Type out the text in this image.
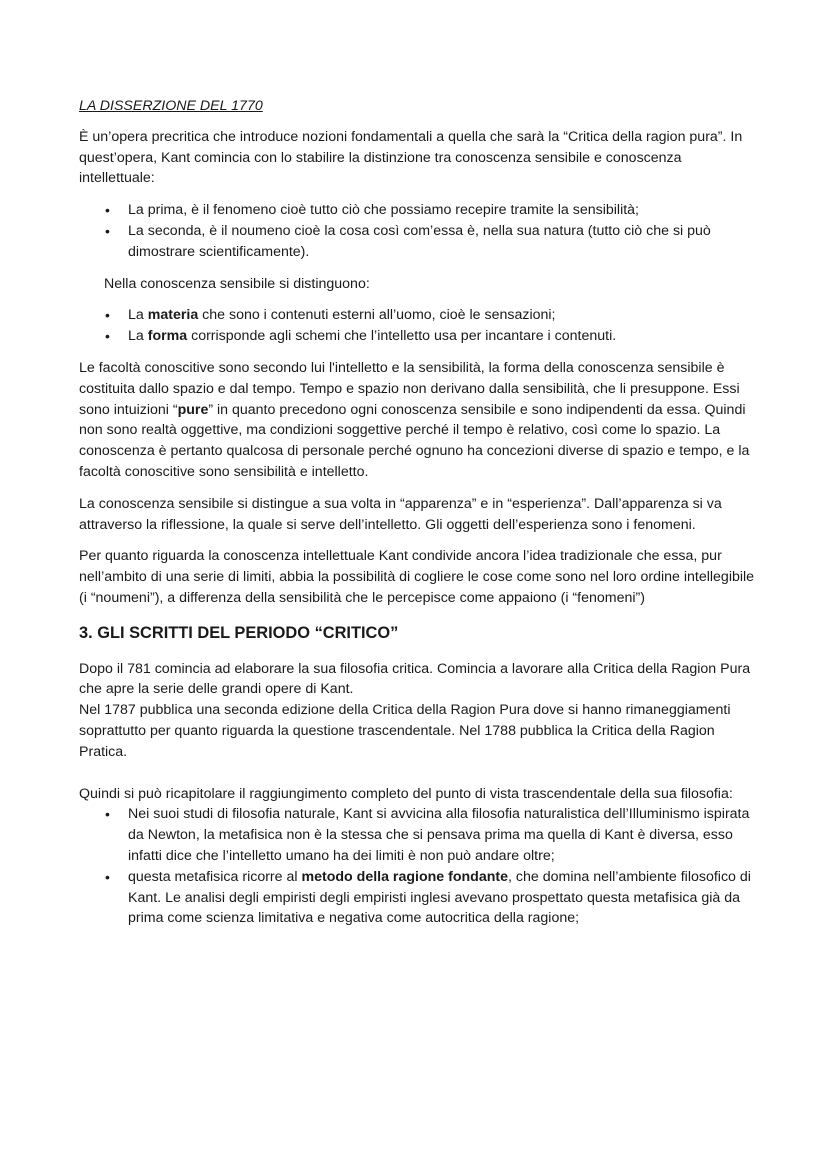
LA DISSERZIONE DEL 1770

È un’opera precritica che introduce nozioni fondamentali a quella che sarà la “Critica della ragion pura”. In quest’opera, Kant comincia con lo stabilire la distinzione tra conoscenza sensibile e conoscenza intellettuale:

• La prima, è il fenomeno cioè tutto ciò che possiamo recepire tramite la sensibilità;
• La seconda, è il noumeno cioè la cosa così com’essa è, nella sua natura (tutto ciò che si può dimostrare scientificamente).

Nella conoscenza sensibile si distinguono:

• La materia che sono i contenuti esterni all’uomo, cioè le sensazioni;
• La forma corrisponde agli schemi che l’intelletto usa per incantare i contenuti.

Le facoltà conoscitive sono secondo lui l'intelletto e la sensibilità, la forma della conoscenza sensibile è costituita dallo spazio e dal tempo. Tempo e spazio non derivano dalla sensibilità, che li presuppone. Essi sono intuizioni “pure” in quanto precedono ogni conoscenza sensibile e sono indipendenti da essa. Quindi non sono realtà oggettive, ma condizioni soggettive perché il tempo è relativo, così come lo spazio. La conoscenza è pertanto qualcosa di personale perché ognuno ha concezioni diverse di spazio e tempo, e la facoltà conoscitive sono sensibilità e intelletto.

La conoscenza sensibile si distingue a sua volta in “apparenza” e in “esperienza”. Dall’apparenza si va attraverso la riflessione, la quale si serve dell’intelletto. Gli oggetti dell’esperienza sono i fenomeni.

Per quanto riguarda la conoscenza intellettuale Kant condivide ancora l’idea tradizionale che essa, pur nell’ambito di una serie di limiti, abbia la possibilità di cogliere le cose come sono nel loro ordine intellegibile (i “noumeni”), a differenza della sensibilità che le percepisce come appaiono (i “fenomeni”)

3. GLI SCRITTI DEL PERIODO “CRITICO”

Dopo il 781 comincia ad elaborare la sua filosofia critica. Comincia a lavorare alla Critica della Ragion Pura che apre la serie delle grandi opere di Kant.

Nel 1787 pubblica una seconda edizione della Critica della Ragion Pura dove si hanno rimaneggiamenti soprattutto per quanto riguarda la questione trascendentale. Nel 1788 pubblica la Critica della Ragion Pratica.

Quindi si può ricapitolare il raggiungimento completo del punto di vista trascendentale della sua filosofia:

• Nei suoi studi di filosofia naturale, Kant si avvicina alla filosofia naturalistica dell’Illuminismo ispirata da Newton, la metafisica non è la stessa che si pensava prima ma quella di Kant è diversa, esso infatti dice che l’intelletto umano ha dei limiti è non può andare oltre;
• questa metafisica ricorre al metodo della ragione fondante, che domina nell’ambiente filosofico di Kant. Le analisi degli empiristi degli empiristi inglesi avevano prospettato questa metafisica già da prima come scienza limitativa e negativa come autocritica della ragione;
